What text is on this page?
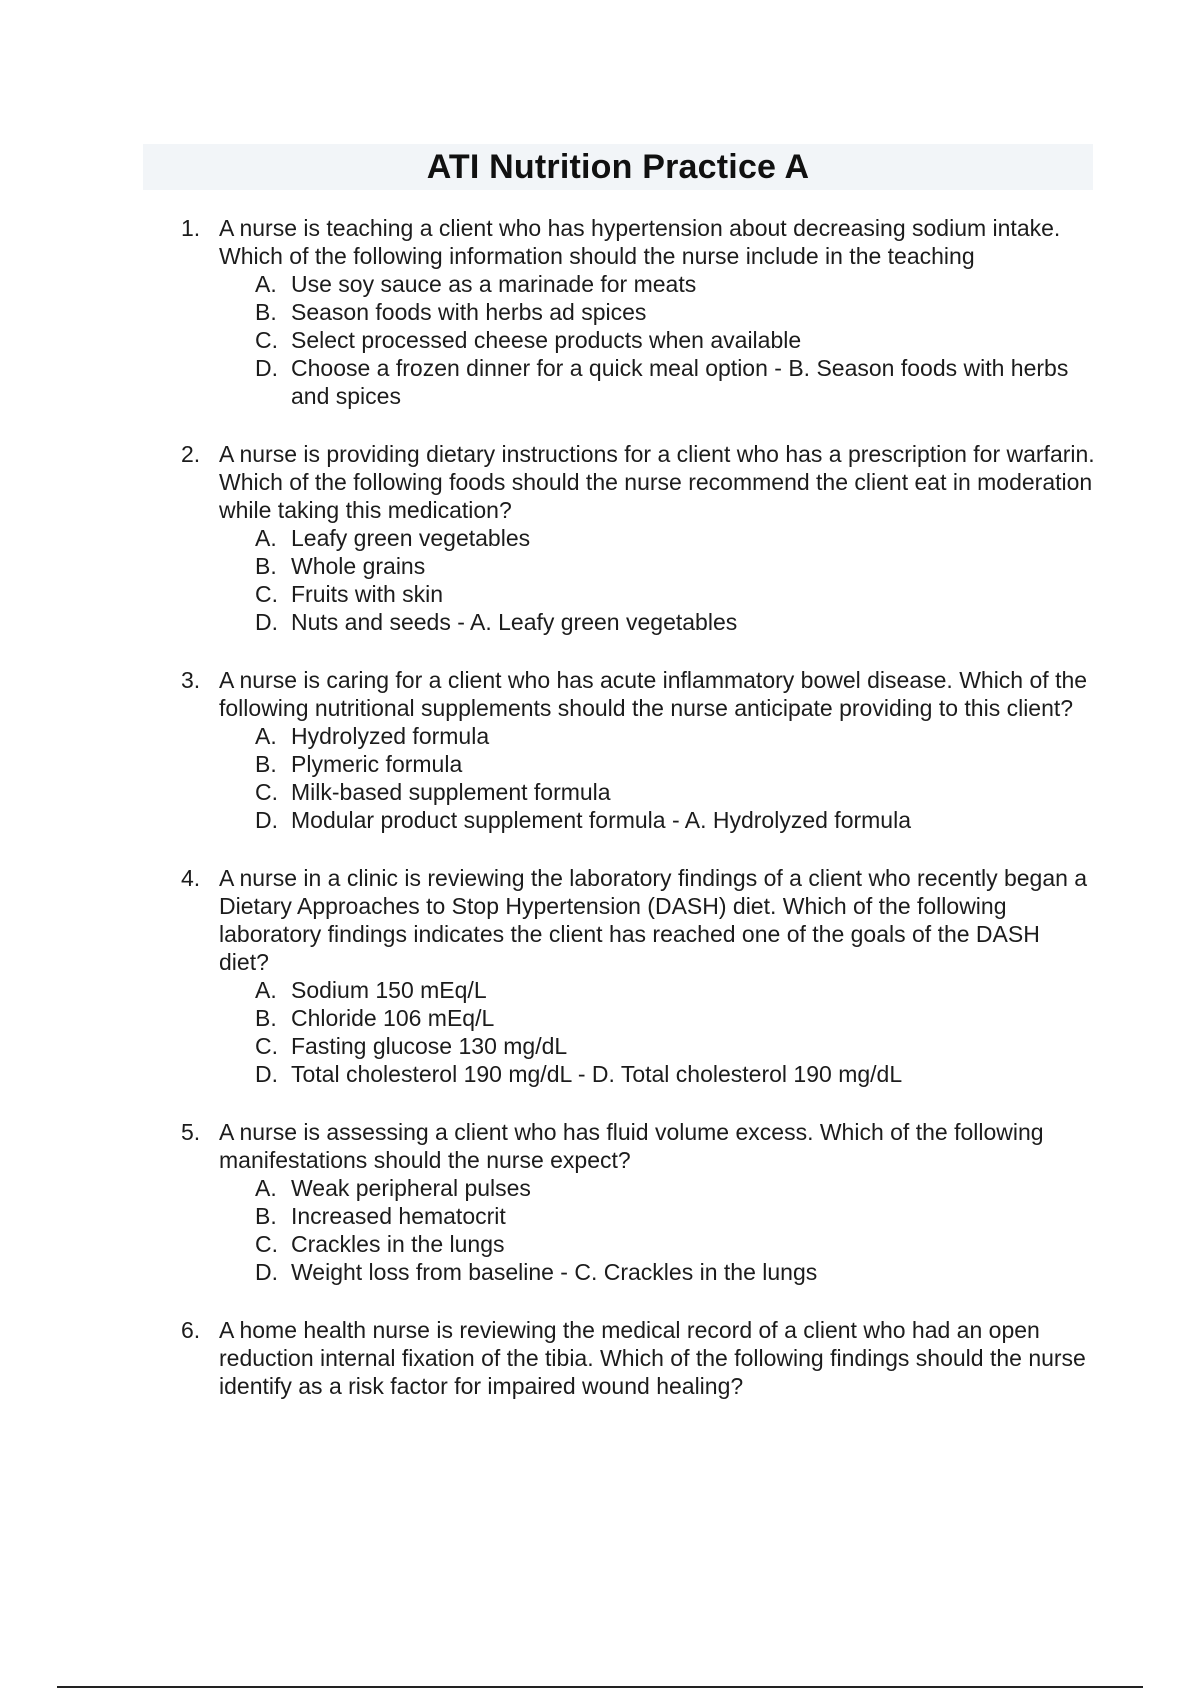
ATI Nutrition Practice A
1. A nurse is teaching a client who has hypertension about decreasing sodium intake. Which of the following information should the nurse include in the teaching

A. Use soy sauce as a marinade for meats
B. Season foods with herbs ad spices
C. Select processed cheese products when available
D. Choose a frozen dinner for a quick meal option - B. Season foods with herbs and spices
2. A nurse is providing dietary instructions for a client who has a prescription for warfarin. Which of the following foods should the nurse recommend the client eat in moderation while taking this medication?

A. Leafy green vegetables
B. Whole grains
C. Fruits with skin
D. Nuts and seeds - A. Leafy green vegetables
3. A nurse is caring for a client who has acute inflammatory bowel disease. Which of the following nutritional supplements should the nurse anticipate providing to this client?

A. Hydrolyzed formula
B. Plymeric formula
C. Milk-based supplement formula
D. Modular product supplement formula - A. Hydrolyzed formula
4. A nurse in a clinic is reviewing the laboratory findings of a client who recently began a Dietary Approaches to Stop Hypertension (DASH) diet. Which of the following laboratory findings indicates the client has reached one of the goals of the DASH diet?

A. Sodium 150 mEq/L
B. Chloride 106 mEq/L
C. Fasting glucose 130 mg/dL
D. Total cholesterol 190 mg/dL - D. Total cholesterol 190 mg/dL
5. A nurse is assessing a client who has fluid volume excess. Which of the following manifestations should the nurse expect?

A. Weak peripheral pulses
B. Increased hematocrit
C. Crackles in the lungs
D. Weight loss from baseline - C. Crackles in the lungs
6. A home health nurse is reviewing the medical record of a client who had an open reduction internal fixation of the tibia. Which of the following findings should the nurse identify as a risk factor for impaired wound healing?
